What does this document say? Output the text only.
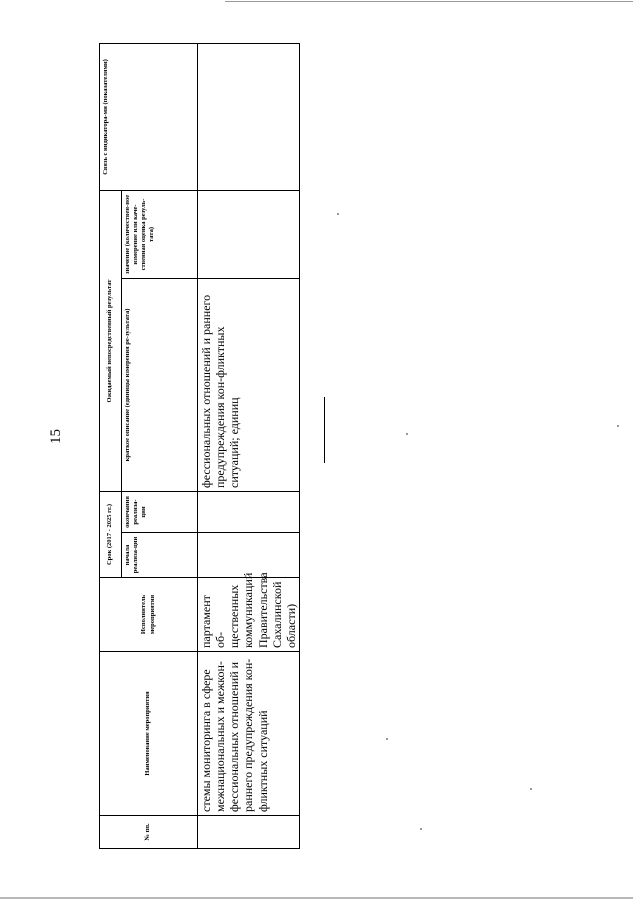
15
№ пп.	Наименование мероприятия	Исполнитель мероприятия	Срок (2017 - 2025 гг.)		Ожидаемый непосредственный результат		Связь с индикатора-ми (показателями)
			начала реализа-ции	окончания реализа-ции	краткое описание (единицы измерения ре-зультата)	значение (количествен-ное измерение или каче-ственная оценка резуль-тата)	
	стемы мониторинга в сфере межнациональных и межкон-фессиональных отношений и раннего предупреждения кон-фликтных ситуаций	партамент об-щественных коммуникаций Правительства Сахалинской области)			фессиональных отношений и раннего предупреждения кон-фликтных ситуаций; единиц		
